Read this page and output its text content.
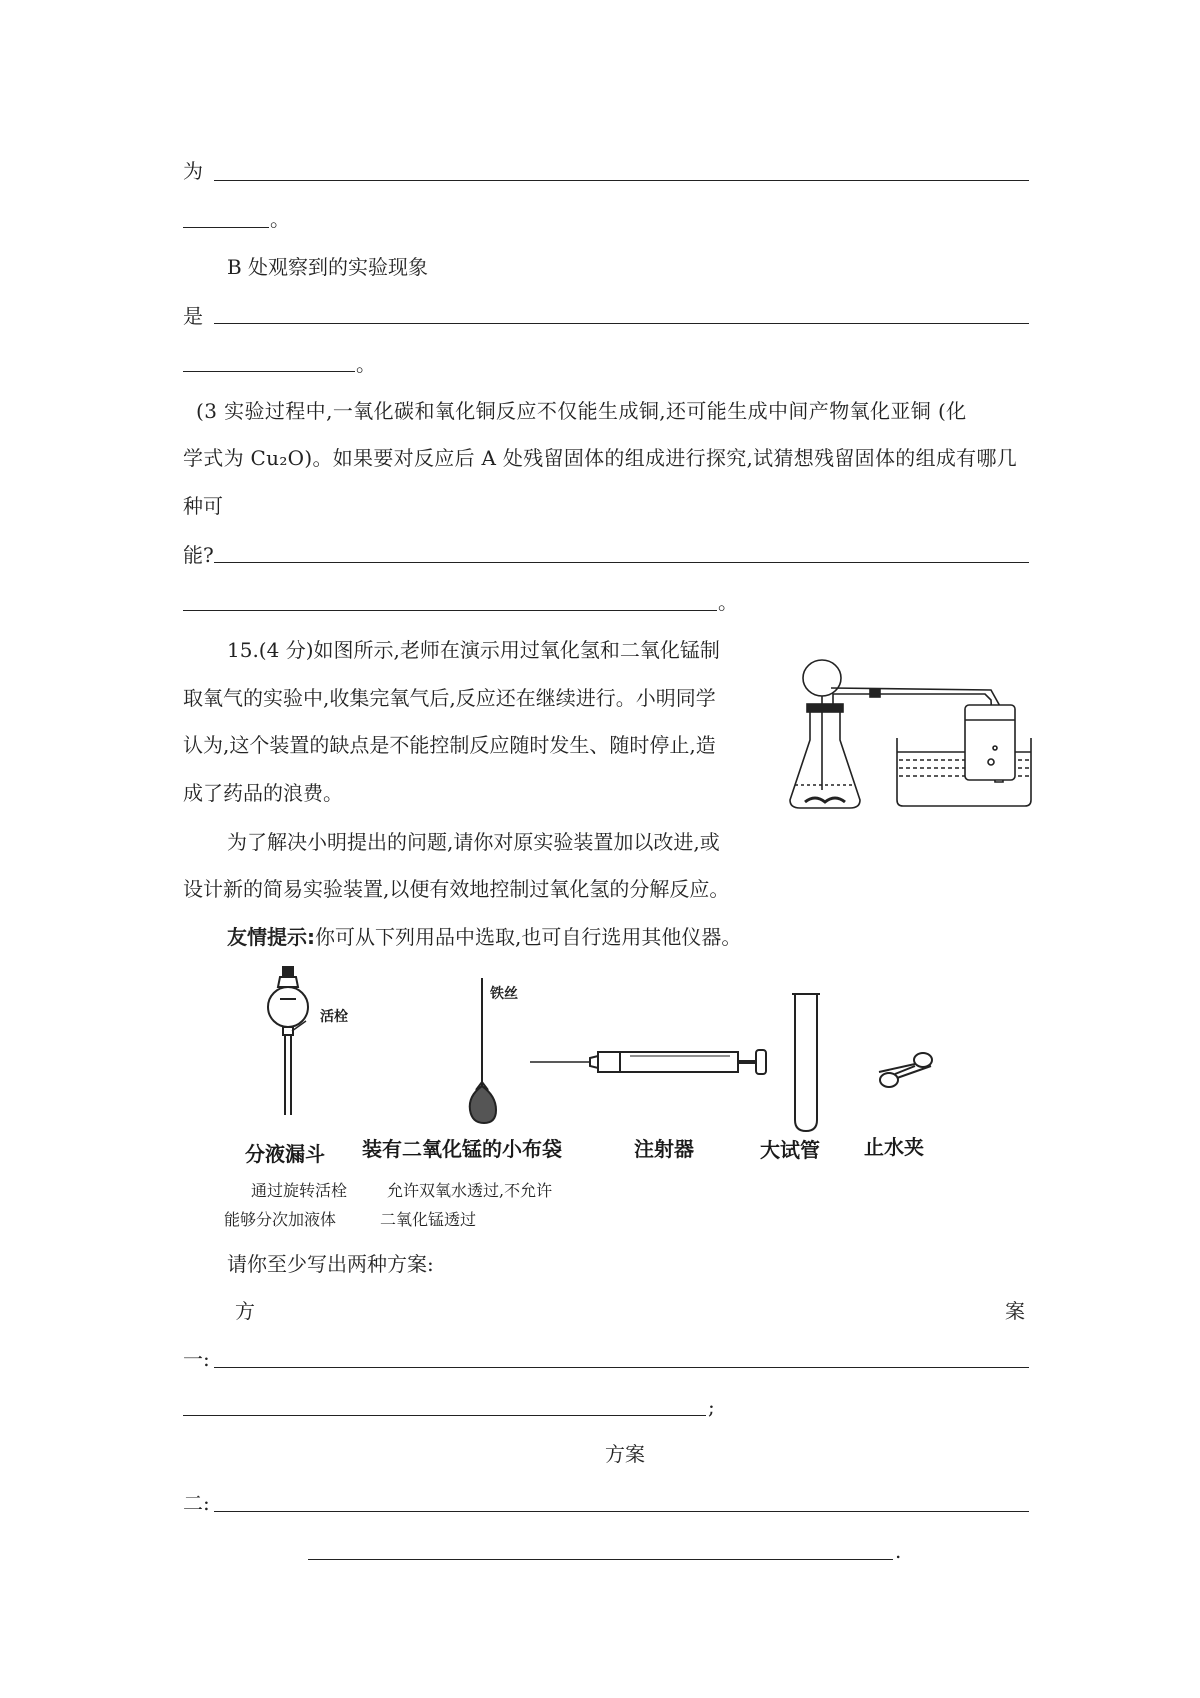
为
。
B 处观察到的实验现象
是
。
(3 实验过程中,一氧化碳和氧化铜反应不仅能生成铜,还可能生成中间产物氧化亚铜 (化
学式为 Cu₂O)。如果要对反应后 A 处残留固体的组成进行探究,试猜想残留固体的组成有哪几
种可
能?
。
15.(4 分)如图所示,老师在演示用过氧化氢和二氧化锰制
取氧气的实验中,收集完氧气后,反应还在继续进行。小明同学
认为,这个装置的缺点是不能控制反应随时发生、随时停止,造
成了药品的浪费。
为了解决小明提出的问题,请你对原实验装置加以改进,或
设计新的简易实验装置,以便有效地控制过氧化氢的分解反应。
友情提示:你可从下列用品中选取,也可自行选用其他仪器。
活栓
铁丝
分液漏斗 装有二氧化锰的小布袋	注射器	大试管 止水夹
通过旋转活栓 允许双氧水透过,不允许
能够分次加液体	二氧化锰透过
请你至少写出两种方案:
方	案
一:
;
方案
二:
.
